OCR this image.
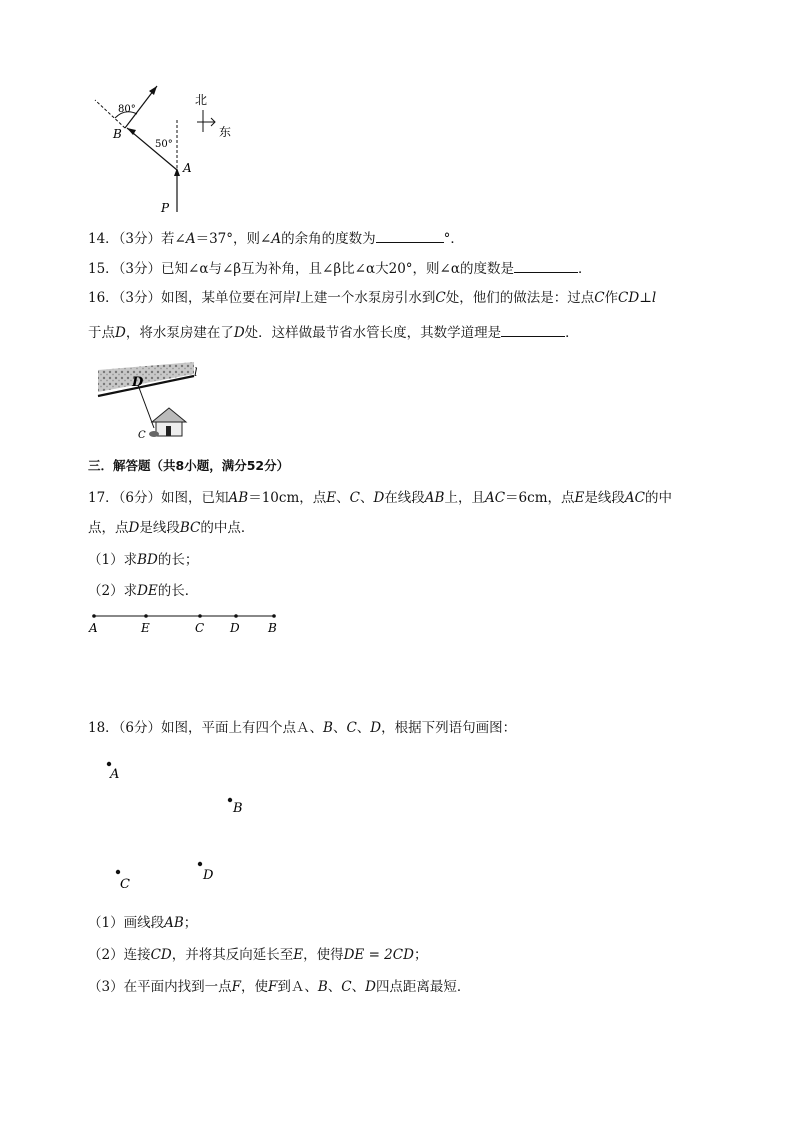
80°
50°
B
A
P
北
东
14．（3分）若∠A＝37°，则∠A的余角的度数为	°．
15．（3分）已知∠α与∠β互为补角，且∠β比∠α大20°，则∠α的度数是	．
16．（3分）如图，某单位要在河岸l上建一个水泵房引水到C处，他们的做法是：过点C作CD⊥l
于点D，将水泵房建在了D处．这样做最节省水管长度，其数学道理是	．
D
l
C
三．解答题（共8小题，满分52分）
17．（6分）如图，已知AB＝10cm，点E、C、D在线段AB上，且AC＝6cm，点E是线段AC的中
点，点D是线段BC的中点．
（1）求BD的长；
（2）求DE的长．
A	E	C D B
18．（6分）如图，平面上有四个点Ａ、B、C、D，根据下列语句画图：
A
B
C
D
（1）画线段AB；
（2）连接CD，并将其反向延长至E，使得DE = 2CD；
（3）在平面内找到一点F，使F到Ａ、B、C、D四点距离最短．
